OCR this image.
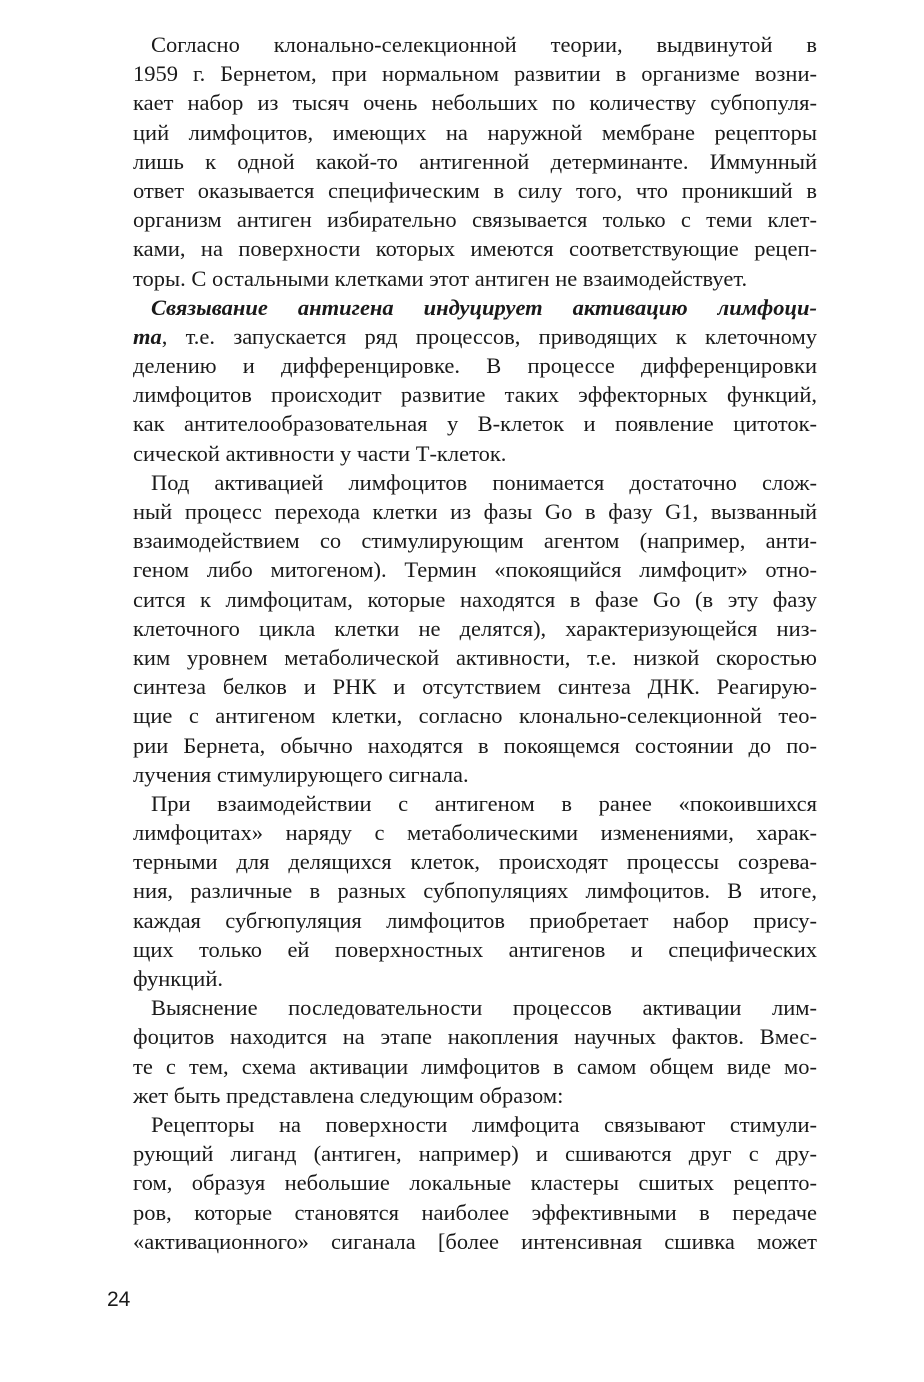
Согласно клонально-селекционной теории, выдвинутой в
1959 г. Бернетом, при нормальном развитии в организме возни-
кает набор из тысяч очень небольших по количеству субпопуля-
ций лимфоцитов, имеющих на наружной мембране рецепторы
лишь к одной какой-то антигенной детерминанте. Иммунный
ответ оказывается специфическим в силу того, что проникший в
организм антиген избирательно связывается только с теми клет-
ками, на поверхности которых имеются соответствующие рецеп-
торы. С остальными клетками этот антиген не взаимодействует.
Связывание антигена индуцирует активацию лимфоци-
та, т.е. запускается ряд процессов, приводящих к клеточному
делению и дифференцировке. В процессе дифференцировки
лимфоцитов происходит развитие таких эффекторных функций,
как антителообразовательная у В-клеток и появление цитоток-
сической активности у части Т-клеток.
Под активацией лимфоцитов понимается достаточно слож-
ный процесс перехода клетки из фазы Go в фазу G1, вызванный
взаимодействием со стимулирующим агентом (например, анти-
геном либо митогеном). Термин «покоящийся лимфоцит» отно-
сится к лимфоцитам, которые находятся в фазе Go (в эту фазу
клеточного цикла клетки не делятся), характеризующейся низ-
ким уровнем метаболической активности, т.е. низкой скоростью
синтеза белков и РНК и отсутствием синтеза ДНК. Реагирую-
щие с антигеном клетки, согласно клонально-селекционной тео-
рии Бернета, обычно находятся в покоящемся состоянии до по-
лучения стимулирующего сигнала.
При взаимодействии с антигеном в ранее «покоившихся
лимфоцитах» наряду с метаболическими изменениями, харак-
терными для делящихся клеток, происходят процессы созрева-
ния, различные в разных субпопуляциях лимфоцитов. В итоге,
каждая субгюпуляция лимфоцитов приобретает набор прису-
щих только ей поверхностных антигенов и специфических
функций.
Выяснение последовательности процессов активации лим-
фоцитов находится на этапе накопления научных фактов. Вмес-
те с тем, схема активации лимфоцитов в самом общем виде мо-
жет быть представлена следующим образом:
Рецепторы на поверхности лимфоцита связывают стимули-
рующий лиганд (антиген, например) и сшиваются друг с дру-
гом, образуя небольшие локальные кластеры сшитых рецепто-
ров, которые становятся наиболее эффективными в передаче
«активационного» сиганала [более интенсивная сшивка может
24
